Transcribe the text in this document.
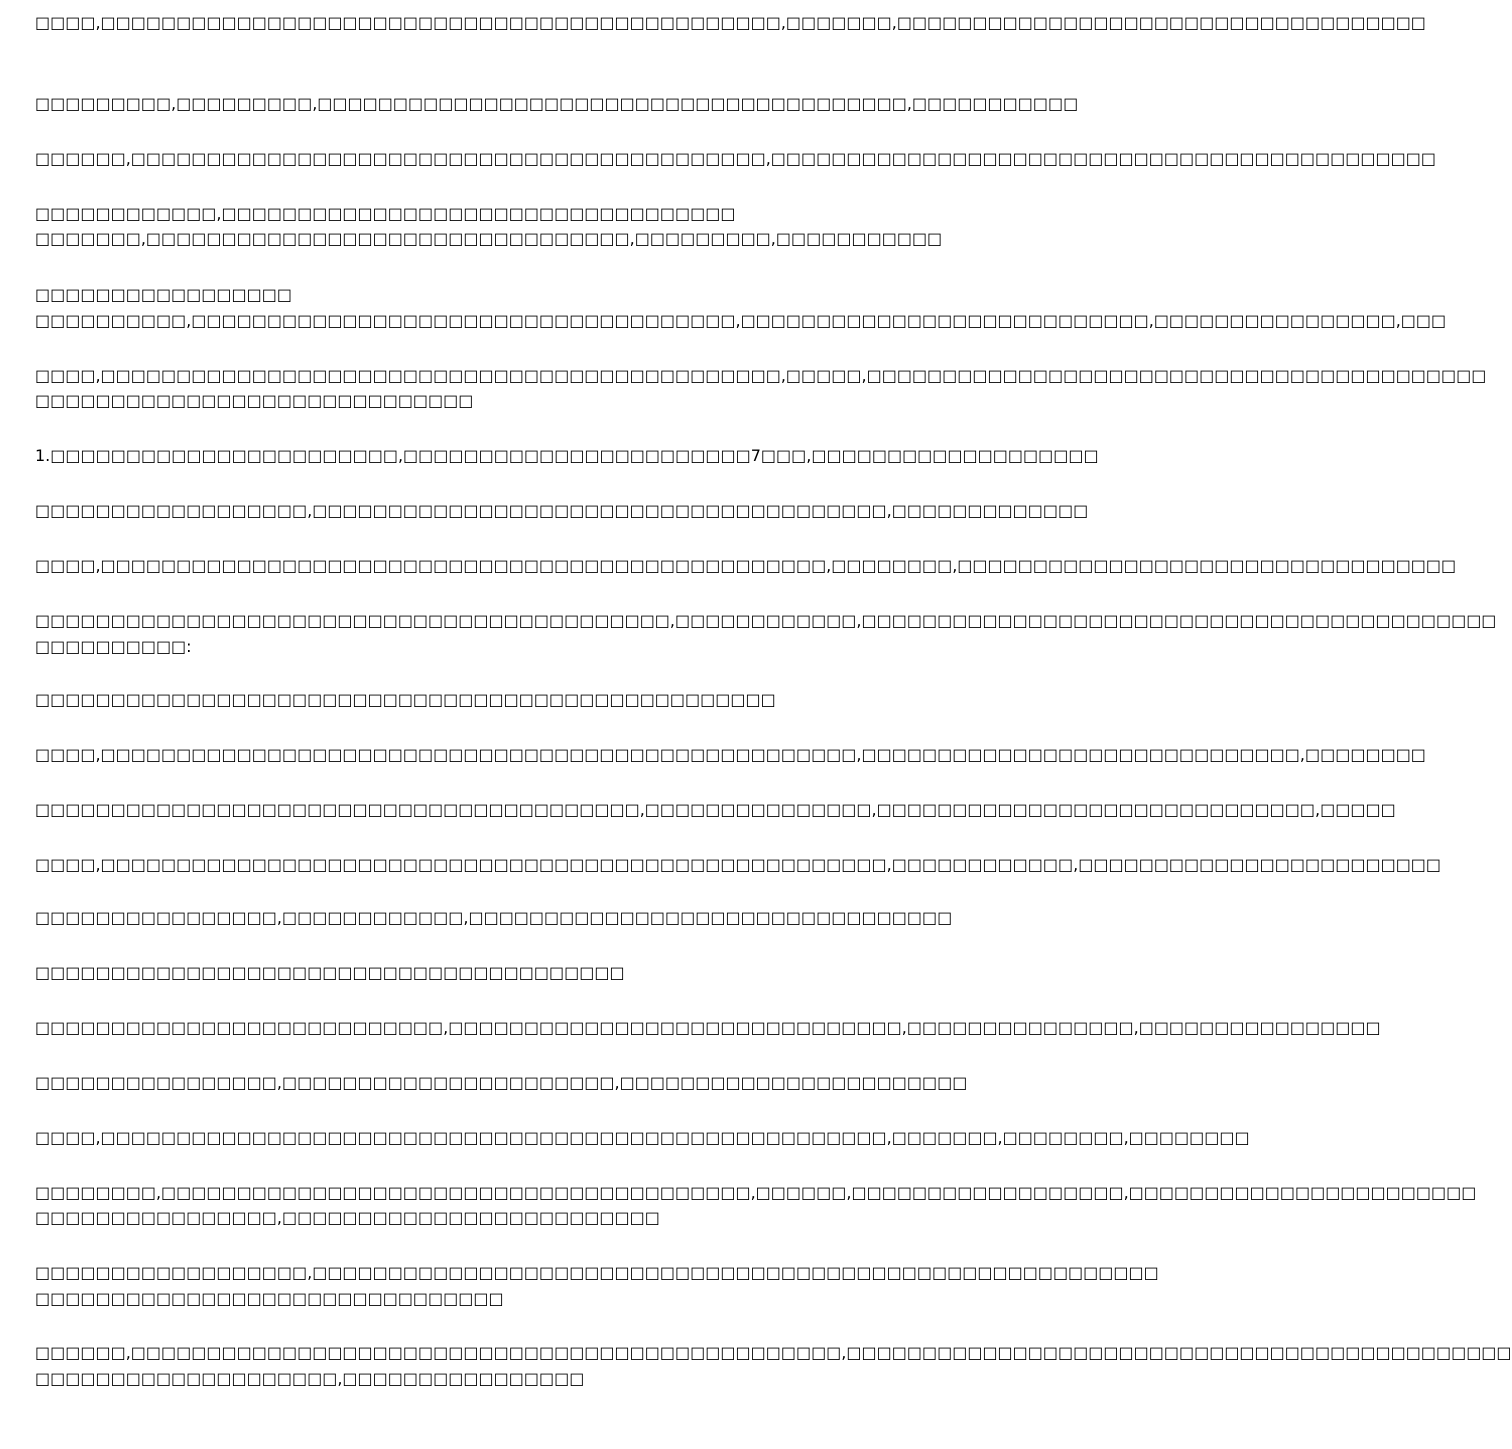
□□□□,□□□□□□□□□□□□□□□□□□□□□□□□□□□□□□□□□□□□□□□□□□□□□,□□□□□□□,□□□□□□□□□□□□□□□□□□□□□□□□□□□□□□□□□□□
□□□□□□□□□,□□□□□□□□□,□□□□□□□□□□□□□□□□□□□□□□□□□□□□□□□□□□□□□□□,□□□□□□□□□□□
□□□□□□,□□□□□□□□□□□□□□□□□□□□□□□□□□□□□□□□□□□□□□□□□□,□□□□□□□□□□□□□□□□□□□□□□□□□□□□□□□□□□□□□□□□□□□□
□□□□□□□□□□□□,□□□□□□□□□□□□□□□□□□□□□□□□□□□□□□□□□□
□□□□□□□,□□□□□□□□□□□□□□□□□□□□□□□□□□□□□□□□,□□□□□□□□□,□□□□□□□□□□□
□□□□□□□□□□□□□□□□□
□□□□□□□□□□,□□□□□□□□□□□□□□□□□□□□□□□□□□□□□□□□□□□□,□□□□□□□□□□□□□□□□□□□□□□□□□□□,□□□□□□□□□□□□□□□□,□□□
□□□□,□□□□□□□□□□□□□□□□□□□□□□□□□□□□□□□□□□□□□□□□□□□□□,□□□□□,□□□□□□□□□□□□□□□□□□□□□□□□□□□□□□□□□□□□□□□□□
□□□□□□□□□□□□□□□□□□□□□□□□□□□□□
1.□□□□□□□□□□□□□□□□□□□□□□□,□□□□□□□□□□□□□□□□□□□□□□□7□□□,□□□□□□□□□□□□□□□□□□□
□□□□□□□□□□□□□□□□□□,□□□□□□□□□□□□□□□□□□□□□□□□□□□□□□□□□□□□□□,□□□□□□□□□□□□□
□□□□,□□□□□□□□□□□□□□□□□□□□□□□□□□□□□□□□□□□□□□□□□□□□□□□□,□□□□□□□□,□□□□□□□□□□□□□□□□□□□□□□□□□□□□□□□□□
□□□□□□□□□□□□□□□□□□□□□□□□□□□□□□□□□□□□□□□□□□,□□□□□□□□□□□□,□□□□□□□□□□□□□□□□□□□□□□□□□□□□□□□□□□□□□□□□□□
□□□□□□□□□□:
□□□□□□□□□□□□□□□□□□□□□□□□□□□□□□□□□□□□□□□□□□□□□□□□□
□□□□,□□□□□□□□□□□□□□□□□□□□□□□□□□□□□□□□□□□□□□□□□□□□□□□□□□,□□□□□□□□□□□□□□□□□□□□□□□□□□□□□,□□□□□□□□
□□□□□□□□□□□□□□□□□□□□□□□□□□□□□□□□□□□□□□□□,□□□□□□□□□□□□□□□,□□□□□□□□□□□□□□□□□□□□□□□□□□□□□,□□□□□
□□□□,□□□□□□□□□□□□□□□□□□□□□□□□□□□□□□□□□□□□□□□□□□□□□□□□□□□□,□□□□□□□□□□□□,□□□□□□□□□□□□□□□□□□□□□□□□
□□□□□□□□□□□□□□□□,□□□□□□□□□□□□,□□□□□□□□□□□□□□□□□□□□□□□□□□□□□□□□
□□□□□□□□□□□□□□□□□□□□□□□□□□□□□□□□□□□□□□□
□□□□□□□□□□□□□□□□□□□□□□□□□□□,□□□□□□□□□□□□□□□□□□□□□□□□□□□□□□,□□□□□□□□□□□□□□□,□□□□□□□□□□□□□□□□
□□□□□□□□□□□□□□□□,□□□□□□□□□□□□□□□□□□□□□□,□□□□□□□□□□□□□□□□□□□□□□□
□□□□,□□□□□□□□□□□□□□□□□□□□□□□□□□□□□□□□□□□□□□□□□□□□□□□□□□□□,□□□□□□□,□□□□□□□□,□□□□□□□□
□□□□□□□□,□□□□□□□□□□□□□□□□□□□□□□□□□□□□□□□□□□□□□□□,□□□□□□,□□□□□□□□□□□□□□□□□□,□□□□□□□□□□□□□□□□□□□□□□□
□□□□□□□□□□□□□□□□,□□□□□□□□□□□□□□□□□□□□□□□□□
□□□□□□□□□□□□□□□□□□,□□□□□□□□□□□□□□□□□□□□□□□□□□□□□□□□□□□□□□□□□□□□□□□□□□□□□□□□
□□□□□□□□□□□□□□□□□□□□□□□□□□□□□□□
□□□□□□,□□□□□□□□□□□□□□□□□□□□□□□□□□□□□□□□□□□□□□□□□□□□□□□,□□□□□□□□□□□□□□□□□□□□□□□□□□□□□□□□□□□□□□□□□□□□
□□□□□□□□□□□□□□□□□□□□,□□□□□□□□□□□□□□□□
